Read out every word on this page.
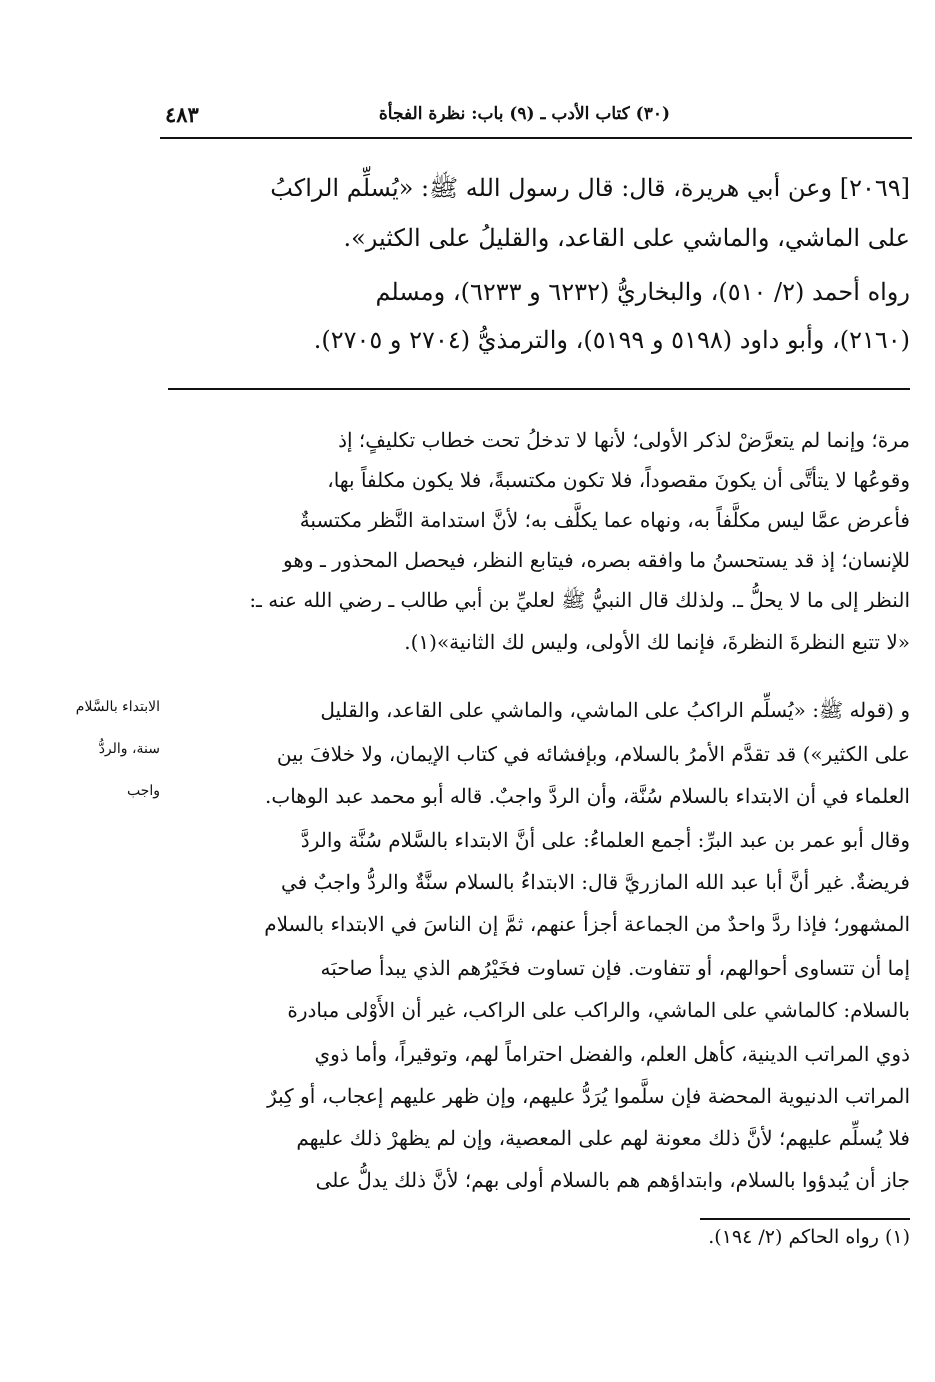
(٣٠) كتاب الأدب ـ (٩) باب: نظرة الفجأة
٤٨٣
[٢٠٦٩] وعن أبي هريرة، قال: قال رسول الله ﷺ: «يُسلِّم الراكبُ
على الماشي، والماشي على القاعد، والقليلُ على الكثير».
رواه أحمد (٢/ ٥١٠)، والبخاريُّ (٦٢٣٢ و ٦٢٣٣)، ومسلم
(٢١٦٠)، وأبو داود (٥١٩٨ و ٥١٩٩)، والترمذيُّ (٢٧٠٤ و ٢٧٠٥).
مرة؛ وإنما لم يتعرَّضْ لذكر الأولى؛ لأنها لا تدخلُ تحت خطاب تكليفٍ؛ إذ
وقوعُها لا يتأتَّى أن يكونَ مقصوداً، فلا تكون مكتسبةً، فلا يكون مكلفاً بها،
فأعرض عمَّا ليس مكلَّفاً به، ونهاه عما يكلَّف به؛ لأنَّ استدامة النَّظر مكتسبةٌ
للإنسان؛ إذ قد يستحسنُ ما وافقه بصره، فيتابع النظر، فيحصل المحذور ـ وهو
النظر إلى ما لا يحلُّ ـ. ولذلك قال النبيُّ ﷺ لعليِّ بن أبي طالب ـ رضي الله عنه ـ:
«لا تتبع النظرةَ النظرةَ، فإنما لك الأولى، وليس لك الثانية»(١).
و (قوله ﷺ: «يُسلِّم الراكبُ على الماشي، والماشي على القاعد، والقليل
على الكثير») قد تقدَّم الأمرُ بالسلام، وبإفشائه في كتاب الإيمان، ولا خلافَ بين
العلماء في أن الابتداء بالسلام سُنَّة، وأن الردَّ واجبٌ. قاله أبو محمد عبد الوهاب.
وقال أبو عمر بن عبد البرِّ: أجمع العلماءُ: على أنَّ الابتداء بالسَّلام سُنَّة والردَّ
فريضةٌ. غير أنَّ أبا عبد الله المازريَّ قال: الابتداءُ بالسلام سنَّةٌ والردُّ واجبٌ في
المشهور؛ فإذا ردَّ واحدٌ من الجماعة أجزأ عنهم، ثمَّ إن الناسَ في الابتداء بالسلام
إما أن تتساوى أحوالهم، أو تتفاوت. فإن تساوت فخَيْرُهم الذي يبدأ صاحبَه
بالسلام: كالماشي على الماشي، والراكب على الراكب، غير أن الأَوْلى مبادرة
ذوي المراتب الدينية، كأهل العلم، والفضل احتراماً لهم، وتوقيراً، وأما ذوي
المراتب الدنيوية المحضة فإن سلَّموا يُرَدُّ عليهم، وإن ظهر عليهم إعجاب، أو كِبرٌ
فلا يُسلِّم عليهم؛ لأنَّ ذلك معونة لهم على المعصية، وإن لم يظهرْ ذلك عليهم
جاز أن يُبدؤوا بالسلام، وابتداؤهم هم بالسلام أولى بهم؛ لأنَّ ذلك يدلُّ على
الابتداء بالسَّلام
سنة، والردُّ
واجب
(١) رواه الحاكم (٢/ ١٩٤).
